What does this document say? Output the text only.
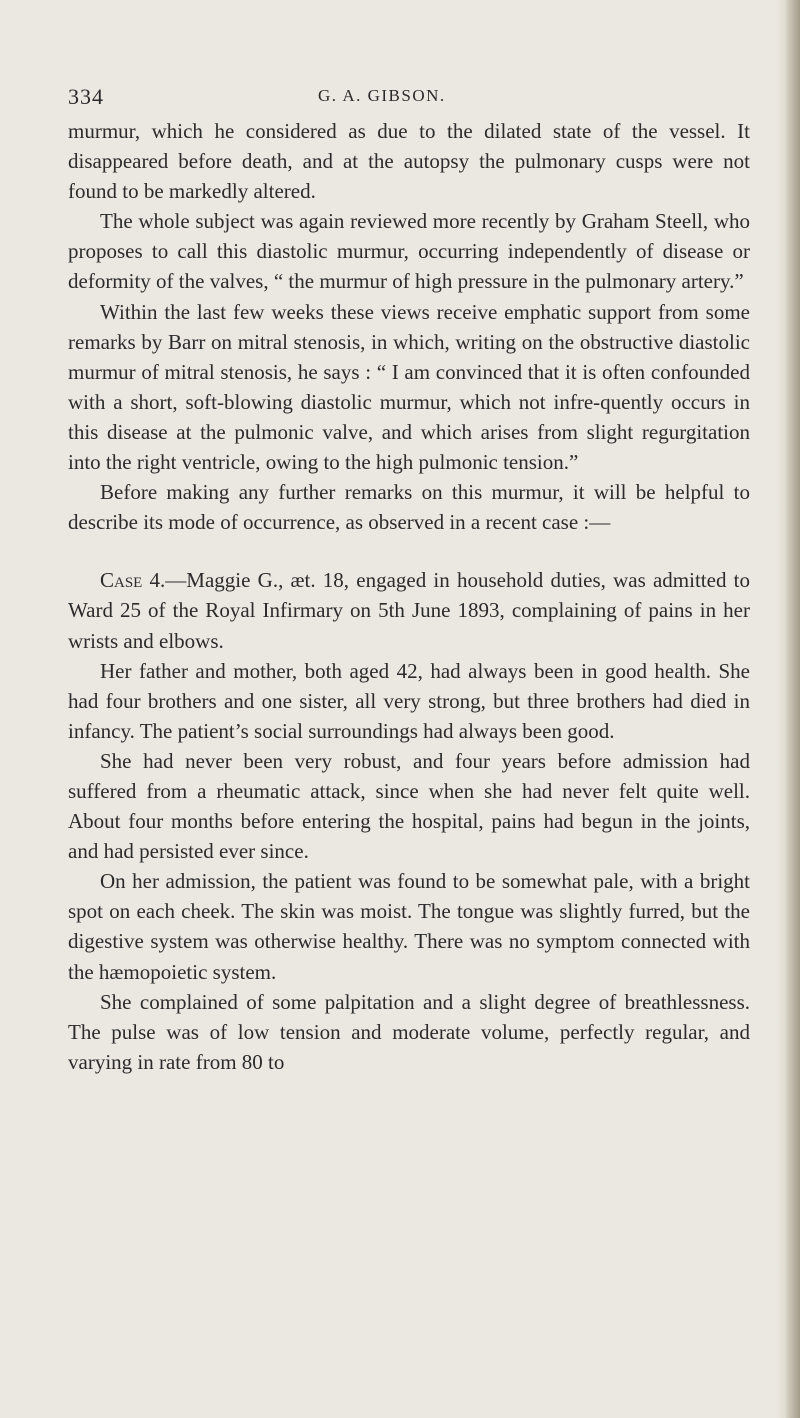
334	G. A. GIBSON.

murmur, which he considered as due to the dilated state of the vessel. It disappeared before death, and at the autopsy the pulmonary cusps were not found to be markedly altered.

The whole subject was again reviewed more recently by Graham Steell, who proposes to call this diastolic murmur, occurring independently of disease or deformity of the valves, “ the murmur of high pressure in the pulmonary artery.”

Within the last few weeks these views receive emphatic support from some remarks by Barr on mitral stenosis, in which, writing on the obstructive diastolic murmur of mitral stenosis, he says : “ I am convinced that it is often confounded with a short, soft-blowing diastolic murmur, which not infre-quently occurs in this disease at the pulmonic valve, and which arises from slight regurgitation into the right ventricle, owing to the high pulmonic tension.”

Before making any further remarks on this murmur, it will be helpful to describe its mode of occurrence, as observed in a recent case :—

Case 4.—Maggie G., æt. 18, engaged in household duties, was admitted to Ward 25 of the Royal Infirmary on 5th June 1893, complaining of pains in her wrists and elbows.

Her father and mother, both aged 42, had always been in good health. She had four brothers and one sister, all very strong, but three brothers had died in infancy. The patient’s social surroundings had always been good.

She had never been very robust, and four years before admission had suffered from a rheumatic attack, since when she had never felt quite well. About four months before entering the hospital, pains had begun in the joints, and had persisted ever since.

On her admission, the patient was found to be somewhat pale, with a bright spot on each cheek. The skin was moist. The tongue was slightly furred, but the digestive system was otherwise healthy. There was no symptom connected with the hæmopoietic system.

She complained of some palpitation and a slight degree of breathlessness. The pulse was of low tension and moderate volume, perfectly regular, and varying in rate from 80 to
